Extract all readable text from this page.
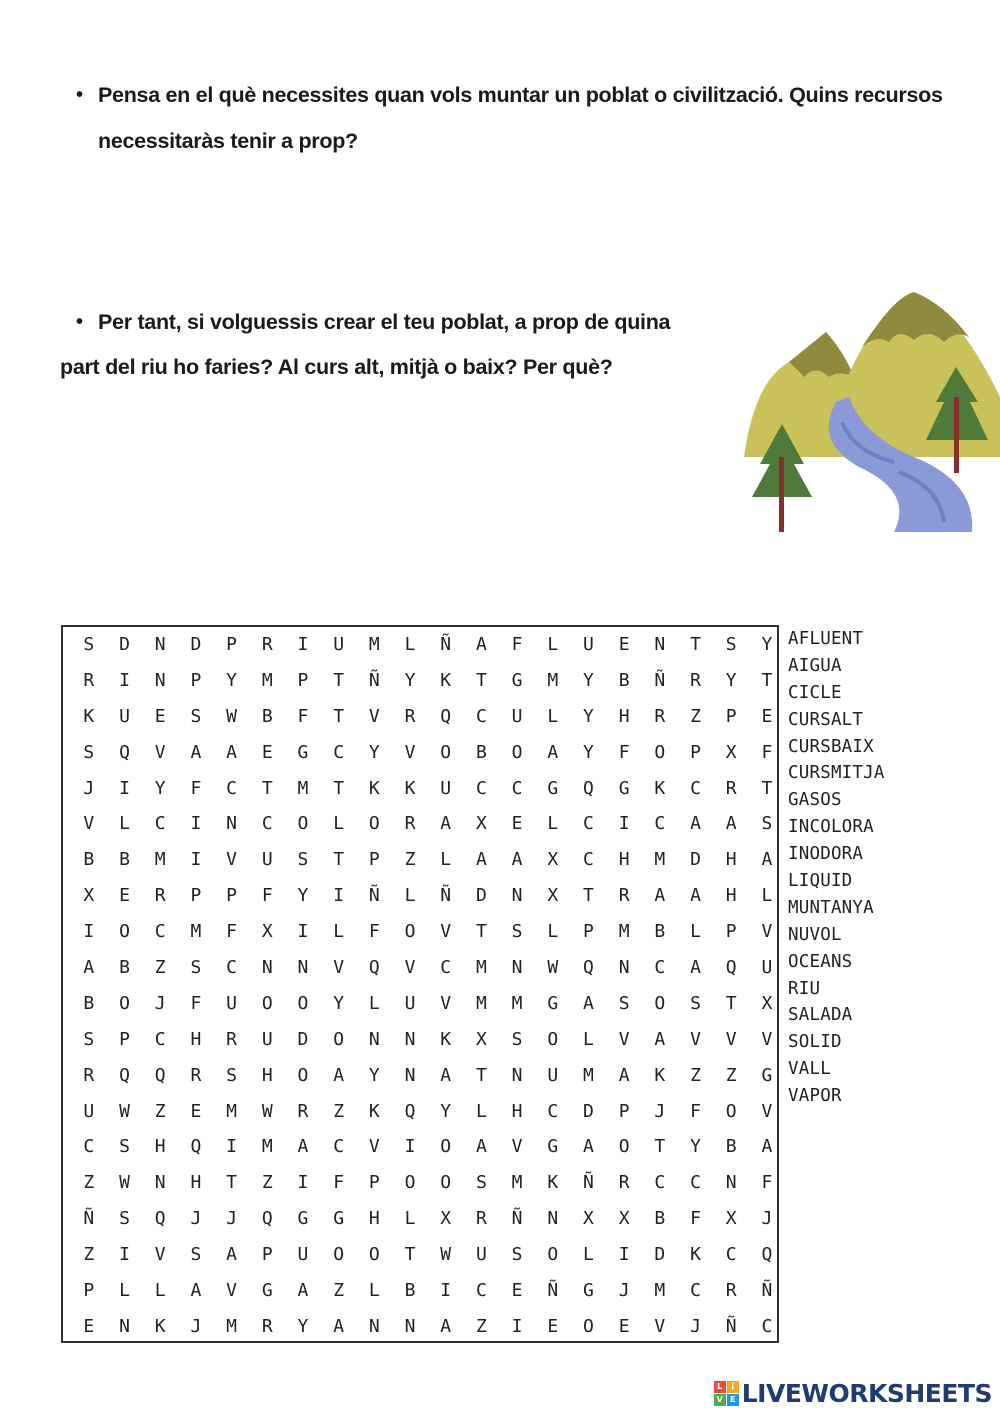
• Pensa en el què necessites quan vols muntar un poblat o civilització. Quins recursos necessitaràs tenir a prop?
• Per tant, si volguessis crear el teu poblat, a prop de quina
part del riu ho faries? Al curs alt, mitjà o baix? Per què?
S	D	N	D	P	R	I	U	M	L	Ñ	A	F	L	U	E	N	T	S	Y
R	I	N	P	Y	M	P	T	Ñ	Y	K	T	G	M	Y	B	Ñ	R	Y	T
K	U	E	S	W	B	F	T	V	R	Q	C	U	L	Y	H	R	Z	P	E
S	Q	V	A	A	E	G	C	Y	V	O	B	O	A	Y	F	O	P	X	F
J	I	Y	F	C	T	M	T	K	K	U	C	C	G	Q	G	K	C	R	T
V	L	C	I	N	C	O	L	O	R	A	X	E	L	C	I	C	A	A	S
B	B	M	I	V	U	S	T	P	Z	L	A	A	X	C	H	M	D	H	A
X	E	R	P	P	F	Y	I	Ñ	L	Ñ	D	N	X	T	R	A	A	H	L
I	O	C	M	F	X	I	L	F	O	V	T	S	L	P	M	B	L	P	V
A	B	Z	S	C	N	N	V	Q	V	C	M	N	W	Q	N	C	A	Q	U
B	O	J	F	U	O	O	Y	L	U	V	M	M	G	A	S	O	S	T	X
S	P	C	H	R	U	D	O	N	N	K	X	S	O	L	V	A	V	V	V
R	Q	Q	R	S	H	O	A	Y	N	A	T	N	U	M	A	K	Z	Z	G
U	W	Z	E	M	W	R	Z	K	Q	Y	L	H	C	D	P	J	F	O	V
C	S	H	Q	I	M	A	C	V	I	O	A	V	G	A	O	T	Y	B	A
Z	W	N	H	T	Z	I	F	P	O	O	S	M	K	Ñ	R	C	C	N	F
Ñ	S	Q	J	J	Q	G	G	H	L	X	R	Ñ	N	X	X	B	F	X	J
Z	I	V	S	A	P	U	O	O	T	W	U	S	O	L	I	D	K	C	Q
P	L	L	A	V	G	A	Z	L	B	I	C	E	Ñ	G	J	M	C	R	Ñ
E	N	K	J	M	R	Y	A	N	N	A	Z	I	E	O	E	V	J	Ñ	C
AFLUENT
AIGUA
CICLE
CURSALT
CURSBAIX
CURSMITJA
GASOS
INCOLORA
INODORA
LIQUID
MUNTANYA
NUVOL
OCEANS
RIU
SALADA
SOLID
VALL
VAPOR
L	I
V E LIVEWORKSHEETS
